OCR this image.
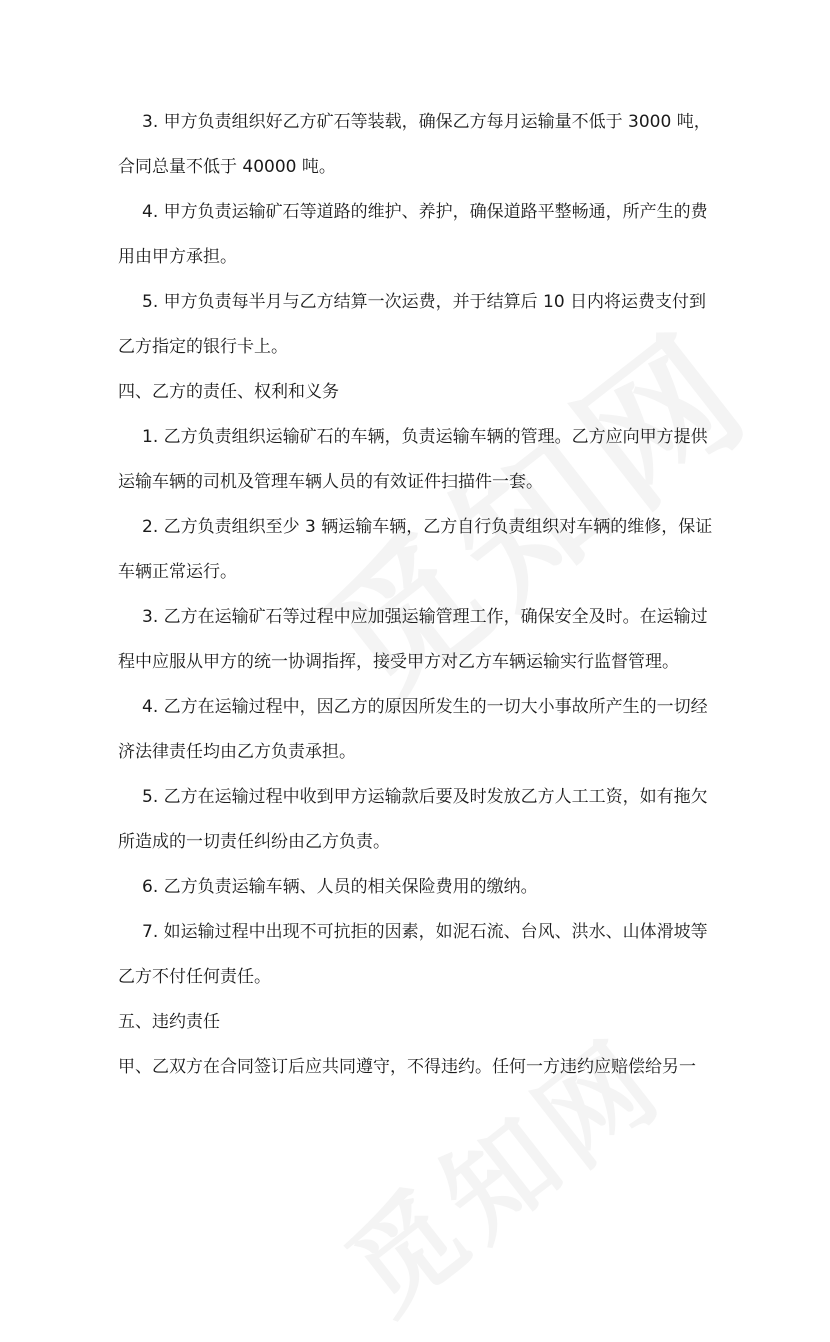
3. 甲方负责组织好乙方矿石等装载，确保乙方每月运输量不低于 3000 吨，
合同总量不低于 40000 吨。
4. 甲方负责运输矿石等道路的维护、养护，确保道路平整畅通，所产生的费
用由甲方承担。
5. 甲方负责每半月与乙方结算一次运费，并于结算后 10 日内将运费支付到
乙方指定的银行卡上。
四、乙方的责任、权利和义务
1. 乙方负责组织运输矿石的车辆，负责运输车辆的管理。乙方应向甲方提供
运输车辆的司机及管理车辆人员的有效证件扫描件一套。
2. 乙方负责组织至少 3 辆运输车辆，乙方自行负责组织对车辆的维修，保证
车辆正常运行。
3. 乙方在运输矿石等过程中应加强运输管理工作，确保安全及时。在运输过
程中应服从甲方的统一协调指挥，接受甲方对乙方车辆运输实行监督管理。
4. 乙方在运输过程中，因乙方的原因所发生的一切大小事故所产生的一切经
济法律责任均由乙方负责承担。
5. 乙方在运输过程中收到甲方运输款后要及时发放乙方人工工资，如有拖欠
所造成的一切责任纠纷由乙方负责。
6. 乙方负责运输车辆、人员的相关保险费用的缴纳。
7. 如运输过程中出现不可抗拒的因素，如泥石流、台风、洪水、山体滑坡等
乙方不付任何责任。
五、违约责任
甲、乙双方在合同签订后应共同遵守，不得违约。任何一方违约应赔偿给另一
